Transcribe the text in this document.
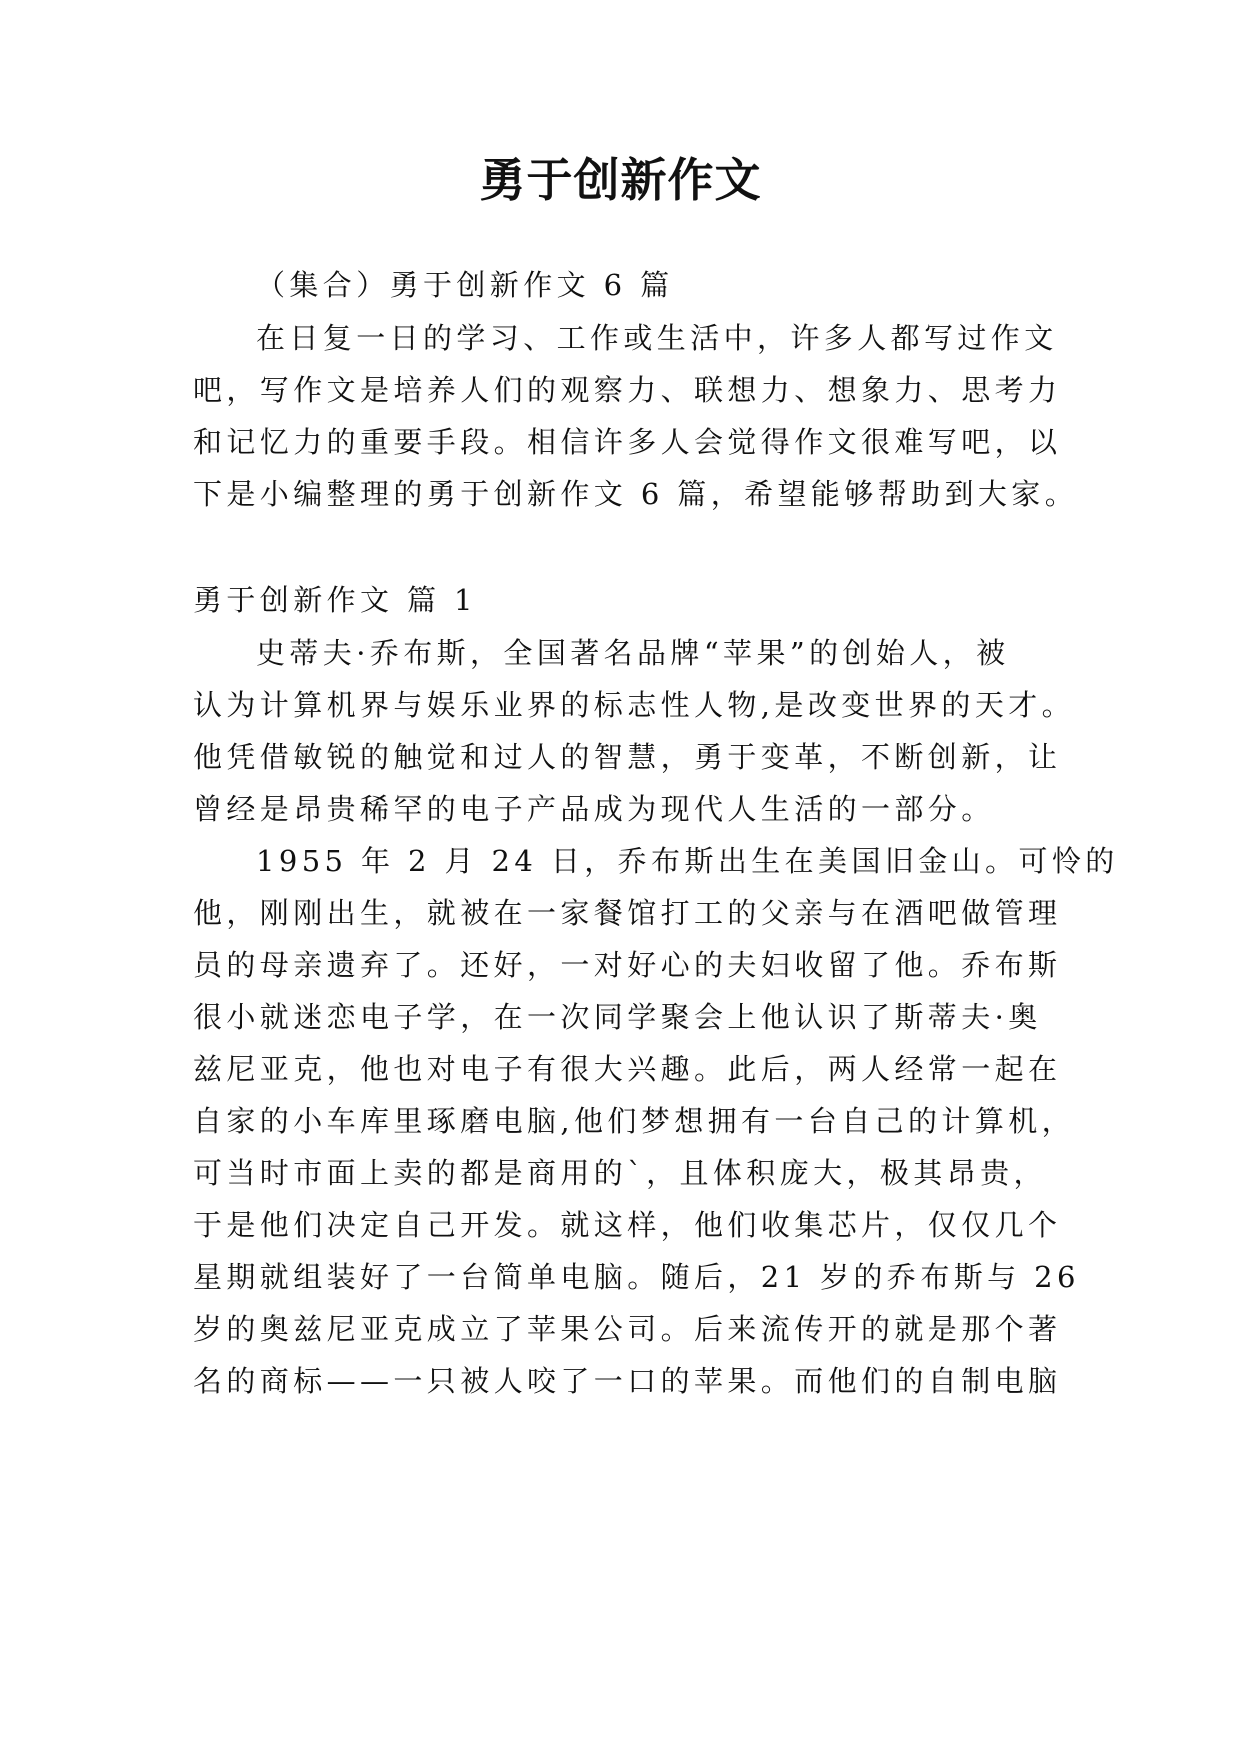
勇于创新作文
（集合）勇于创新作文 6 篇
在日复一日的学习、工作或生活中，许多人都写过作文
吧，写作文是培养人们的观察力、联想力、想象力、思考力
和记忆力的重要手段。相信许多人会觉得作文很难写吧，以
下是小编整理的勇于创新作文 6 篇，希望能够帮助到大家。
勇于创新作文 篇 1
史蒂夫·乔布斯，全国著名品牌“苹果”的创始人，被
认为计算机界与娱乐业界的标志性人物,是改变世界的天才。
他凭借敏锐的触觉和过人的智慧，勇于变革，不断创新，让
曾经是昂贵稀罕的电子产品成为现代人生活的一部分。
1955 年 2 月 24 日，乔布斯出生在美国旧金山。可怜的
他，刚刚出生，就被在一家餐馆打工的父亲与在酒吧做管理
员的母亲遗弃了。还好，一对好心的夫妇收留了他。乔布斯
很小就迷恋电子学，在一次同学聚会上他认识了斯蒂夫·奥
兹尼亚克，他也对电子有很大兴趣。此后，两人经常一起在
自家的小车库里琢磨电脑,他们梦想拥有一台自己的计算机，
可当时市面上卖的都是商用的`，且体积庞大，极其昂贵，
于是他们决定自己开发。就这样，他们收集芯片，仅仅几个
星期就组装好了一台简单电脑。随后，21 岁的乔布斯与 26
岁的奥兹尼亚克成立了苹果公司。后来流传开的就是那个著
名的商标——一只被人咬了一口的苹果。而他们的自制电脑
